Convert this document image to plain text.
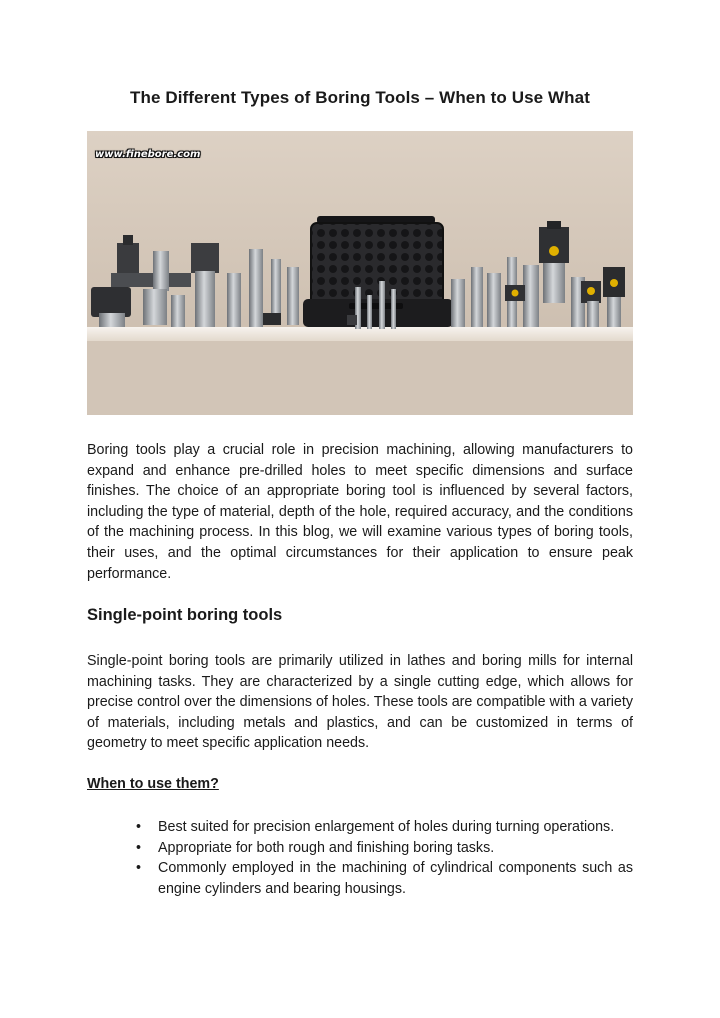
The Different Types of Boring Tools – When to Use What
www.finebore.com

Boring tools play a crucial role in precision machining, allowing manufacturers to expand and enhance pre-drilled holes to meet specific dimensions and surface finishes. The choice of an appropriate boring tool is influenced by several factors, including the type of material, depth of the hole, required accuracy, and the conditions of the machining process. In this blog, we will examine various types of boring tools, their uses, and the optimal circumstances for their application to ensure peak performance.

Single-point boring tools

Single-point boring tools are primarily utilized in lathes and boring mills for internal machining tasks. They are characterized by a single cutting edge, which allows for precise control over the dimensions of holes. These tools are compatible with a variety of materials, including metals and plastics, and can be customized in terms of geometry to meet specific application needs.

When to use them?
• Best suited for precision enlargement of holes during turning operations.
• Appropriate for both rough and finishing boring tasks.
• Commonly employed in the machining of cylindrical components such as engine cylinders and bearing housings.
